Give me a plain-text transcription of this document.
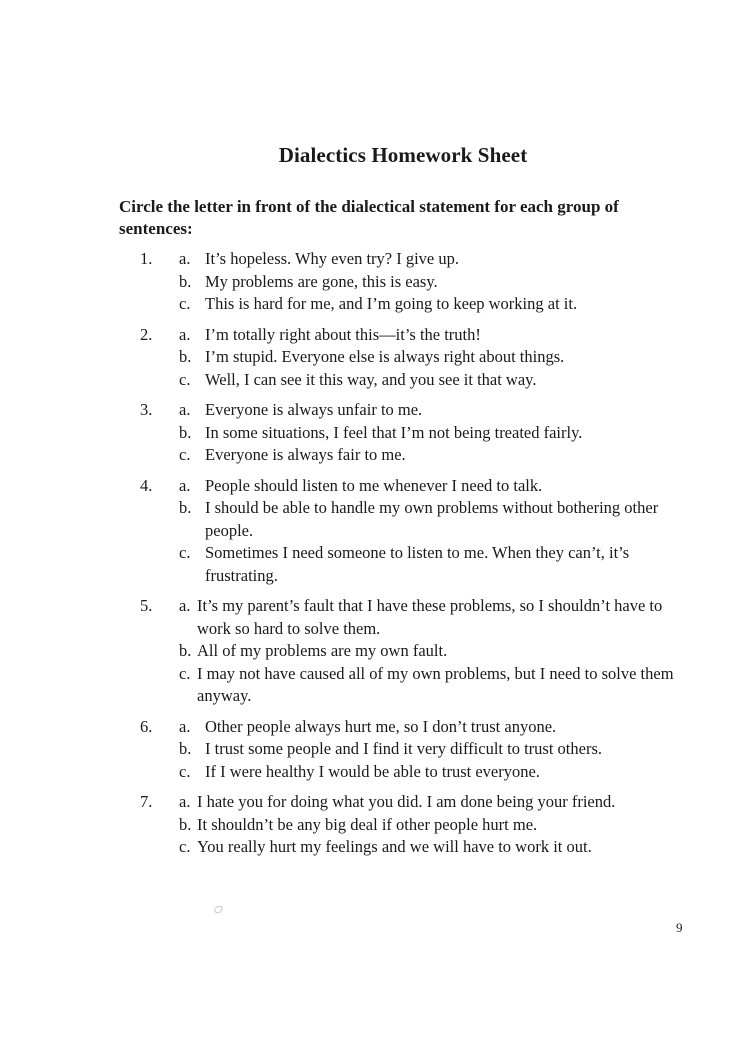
Dialectics Homework Sheet
Circle the letter in front of the dialectical statement for each group of sentences:
1. a. It’s hopeless. Why even try? I give up.
b. My problems are gone, this is easy.
c. This is hard for me, and I’m going to keep working at it.
2. a. I’m totally right about this—it’s the truth!
b. I’m stupid. Everyone else is always right about things.
c. Well, I can see it this way, and you see it that way.
3. a. Everyone is always unfair to me.
b. In some situations, I feel that I’m not being treated fairly.
c. Everyone is always fair to me.
4. a. People should listen to me whenever I need to talk.
b. I should be able to handle my own problems without bothering other people.
c. Sometimes I need someone to listen to me. When they can’t, it’s frustrating.
5. a. It’s my parent’s fault that I have these problems, so I shouldn’t have to work so hard to solve them.
b. All of my problems are my own fault.
c. I may not have caused all of my own problems, but I need to solve them anyway.
6. a. Other people always hurt me, so I don’t trust anyone.
b. I trust some people and I find it very difficult to trust others.
c. If I were healthy I would be able to trust everyone.
7. a. I hate you for doing what you did. I am done being your friend.
b. It shouldn’t be any big deal if other people hurt me.
c. You really hurt my feelings and we will have to work it out.
9
